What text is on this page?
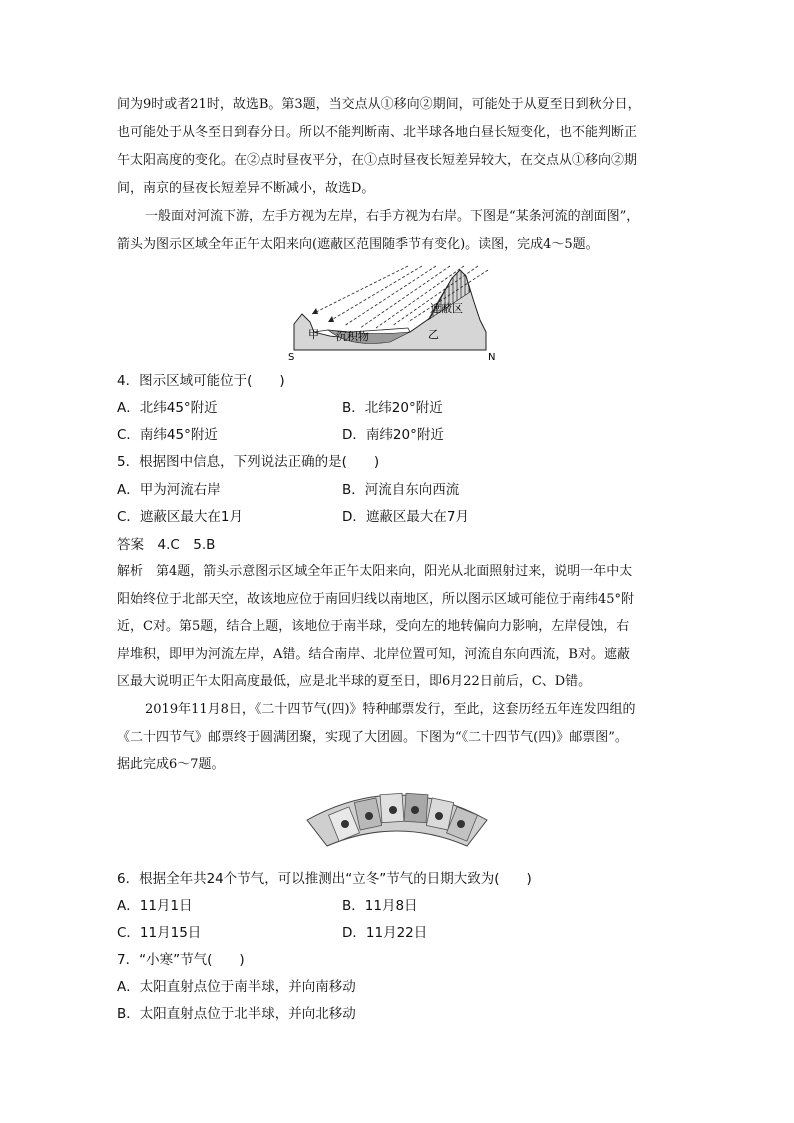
间为9时或者21时，故选B。第3题，当交点从①移向②期间，可能处于从夏至日到秋分日，
也可能处于从冬至日到春分日。所以不能判断南、北半球各地白昼长短变化，也不能判断正
午太阳高度的变化。在②点时昼夜平分，在①点时昼夜长短差异较大，在交点从①移向②期
间，南京的昼夜长短差异不断减小，故选D。
一般面对河流下游，左手方视为左岸，右手方视为右岸。下图是“某条河流的剖面图”，
箭头为图示区域全年正午太阳来向(遮蔽区范围随季节有变化)。读图，完成4～5题。
遮蔽区
甲 沉积物	乙
S	N
4．图示区域可能位于(　　)
A．北纬45°附近	B．北纬20°附近
C．南纬45°附近	D．南纬20°附近
5．根据图中信息，下列说法正确的是(　　)
A．甲为河流右岸	B．河流自东向西流
C．遮蔽区最大在1月	D．遮蔽区最大在7月
答案　4.C　5.B
解析　第4题，箭头示意图示区域全年正午太阳来向，阳光从北面照射过来，说明一年中太
阳始终位于北部天空，故该地应位于南回归线以南地区，所以图示区域可能位于南纬45°附
近，C对。第5题，结合上题，该地位于南半球，受向左的地转偏向力影响，左岸侵蚀，右
岸堆积，即甲为河流左岸，A错。结合南岸、北岸位置可知，河流自东向西流，B对。遮蔽
区最大说明正午太阳高度最低，应是北半球的夏至日，即6月22日前后，C、D错。
2019年11月8日，《二十四节气(四)》特种邮票发行，至此，这套历经五年连发四组的
《二十四节气》邮票终于圆满团聚，实现了大团圆。下图为“《二十四节气(四)》邮票图”。
据此完成6～7题。
6．根据全年共24个节气，可以推测出“立冬”节气的日期大致为(　　)
A．11月1日	B．11月8日
C．11月15日	D．11月22日
7．“小寒”节气(　　)
A．太阳直射点位于南半球，并向南移动
B．太阳直射点位于北半球，并向北移动
